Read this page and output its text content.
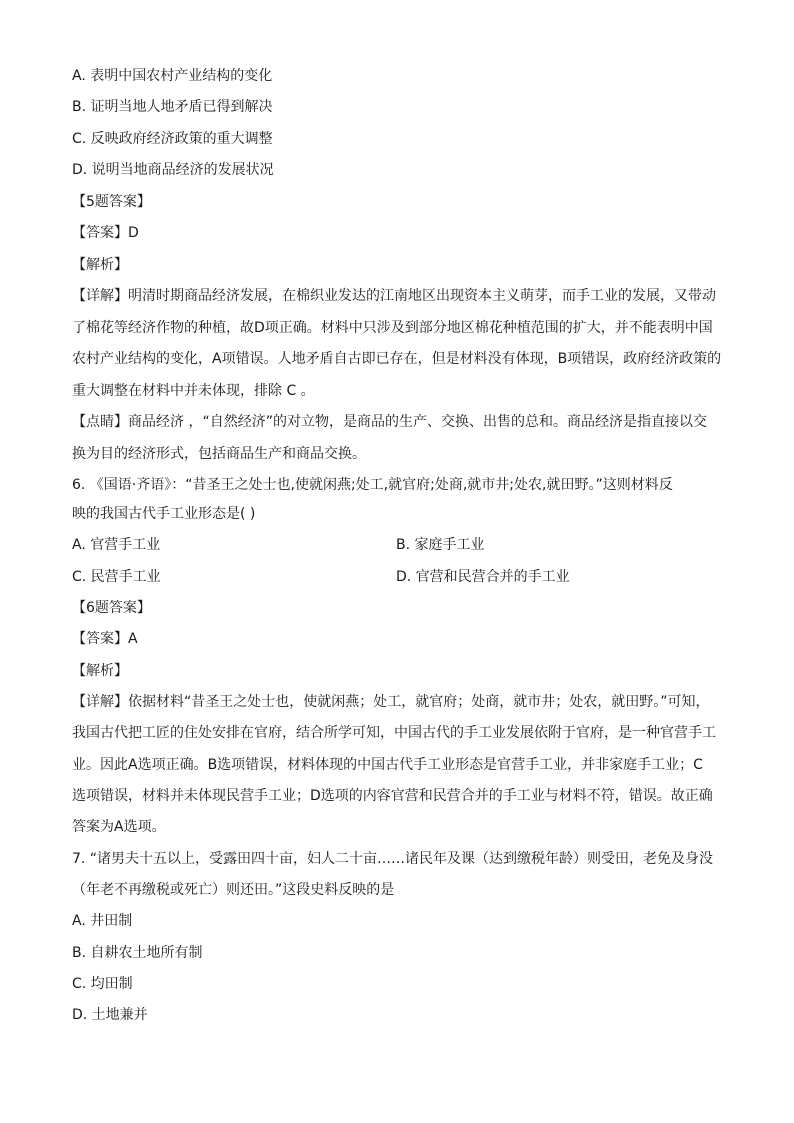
A. 表明中国农村产业结构的变化
B. 证明当地人地矛盾已得到解决
C. 反映政府经济政策的重大调整
D. 说明当地商品经济的发展状况
【5题答案】
【答案】D
【解析】
【详解】明清时期商品经济发展，在棉织业发达的江南地区出现资本主义萌芽，而手工业的发展，又带动
了棉花等经济作物的种植，故D项正确。材料中只涉及到部分地区棉花种植范围的扩大，并不能表明中国
农村产业结构的变化，A项错误。人地矛盾自古即已存在，但是材料没有体现，B项错误，政府经济政策的
重大调整在材料中并未体现，排除 C 。
【点睛】商品经济 ，“自然经济”的对立物，是商品的生产、交换、出售的总和。商品经济是指直接以交
换为目的经济形式，包括商品生产和商品交换。
6. 《国语·齐语》：“昔圣王之处士也,使就闲燕;处工,就官府;处商,就市井;处农,就田野。”这则材料反
映的我国古代手工业形态是( )
A. 官营手工业	B. 家庭手工业
C. 民营手工业	D. 官营和民营合并的手工业
【6题答案】
【答案】A
【解析】
【详解】依据材料“昔圣王之处士也，使就闲燕；处工，就官府；处商，就市井；处农，就田野。”可知，
我国古代把工匠的住处安排在官府，结合所学可知，中国古代的手工业发展依附于官府，是一种官营手工
业。因此A选项正确。B选项错误，材料体现的中国古代手工业形态是官营手工业，并非家庭手工业；C
选项错误，材料并未体现民营手工业；D选项的内容官营和民营合并的手工业与材料不符，错误。故正确
答案为A选项。
7. “诸男夫十五以上，受露田四十亩，妇人二十亩……诸民年及课（达到缴税年龄）则受田，老免及身没
（年老不再缴税或死亡）则还田。”这段史料反映的是
A. 井田制
B. 自耕农土地所有制
C. 均田制
D. 土地兼并
